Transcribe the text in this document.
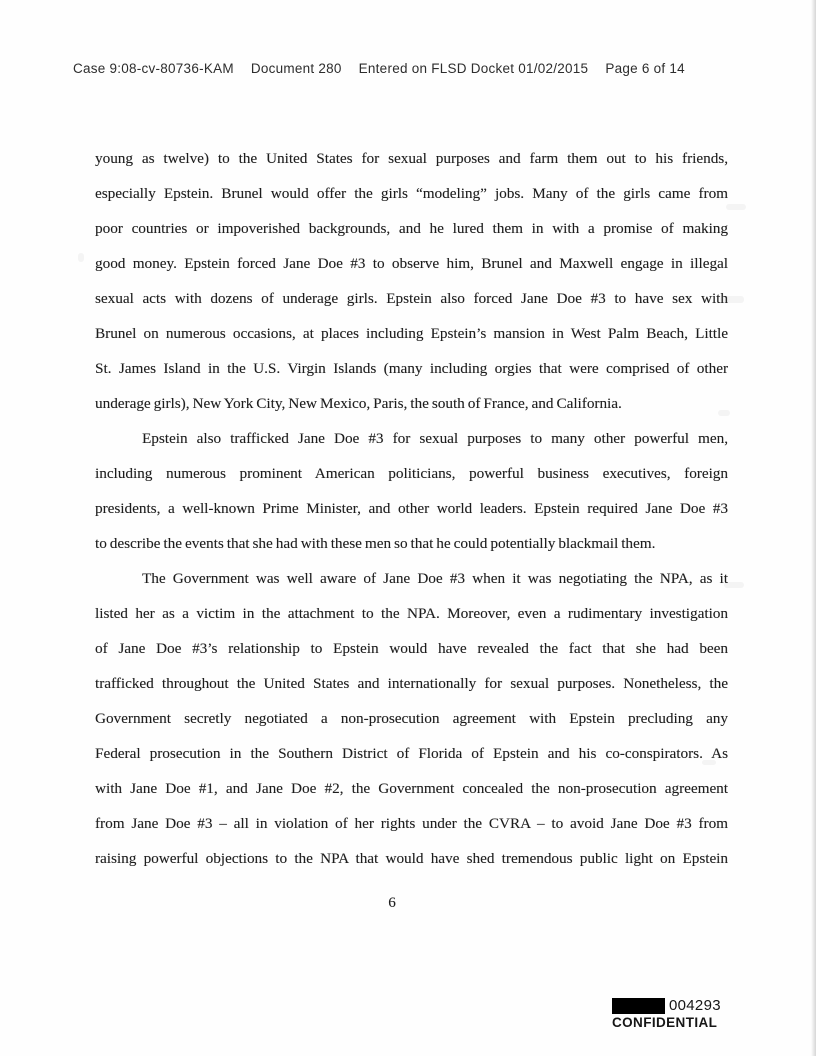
Case 9:08-cv-80736-KAM Document 280 Entered on FLSD Docket 01/02/2015 Page 6 of 14
young as twelve) to the United States for sexual purposes and farm them out to his friends,
especially Epstein. Brunel would offer the girls “modeling” jobs. Many of the girls came from
poor countries or impoverished backgrounds, and he lured them in with a promise of making
good money. Epstein forced Jane Doe #3 to observe him, Brunel and Maxwell engage in illegal
sexual acts with dozens of underage girls. Epstein also forced Jane Doe #3 to have sex with
Brunel on numerous occasions, at places including Epstein’s mansion in West Palm Beach, Little
St. James Island in the U.S. Virgin Islands (many including orgies that were comprised of other
underage girls), New York City, New Mexico, Paris, the south of France, and California.
Epstein also trafficked Jane Doe #3 for sexual purposes to many other powerful men,
including numerous prominent American politicians, powerful business executives, foreign
presidents, a well-known Prime Minister, and other world leaders. Epstein required Jane Doe #3
to describe the events that she had with these men so that he could potentially blackmail them.
The Government was well aware of Jane Doe #3 when it was negotiating the NPA, as it
listed her as a victim in the attachment to the NPA. Moreover, even a rudimentary investigation
of Jane Doe #3’s relationship to Epstein would have revealed the fact that she had been
trafficked throughout the United States and internationally for sexual purposes. Nonetheless, the
Government secretly negotiated a non-prosecution agreement with Epstein precluding any
Federal prosecution in the Southern District of Florida of Epstein and his co-conspirators. As
with Jane Doe #1, and Jane Doe #2, the Government concealed the non-prosecution agreement
from Jane Doe #3 – all in violation of her rights under the CVRA – to avoid Jane Doe #3 from
raising powerful objections to the NPA that would have shed tremendous public light on Epstein
6
004293
CONFIDENTIAL
